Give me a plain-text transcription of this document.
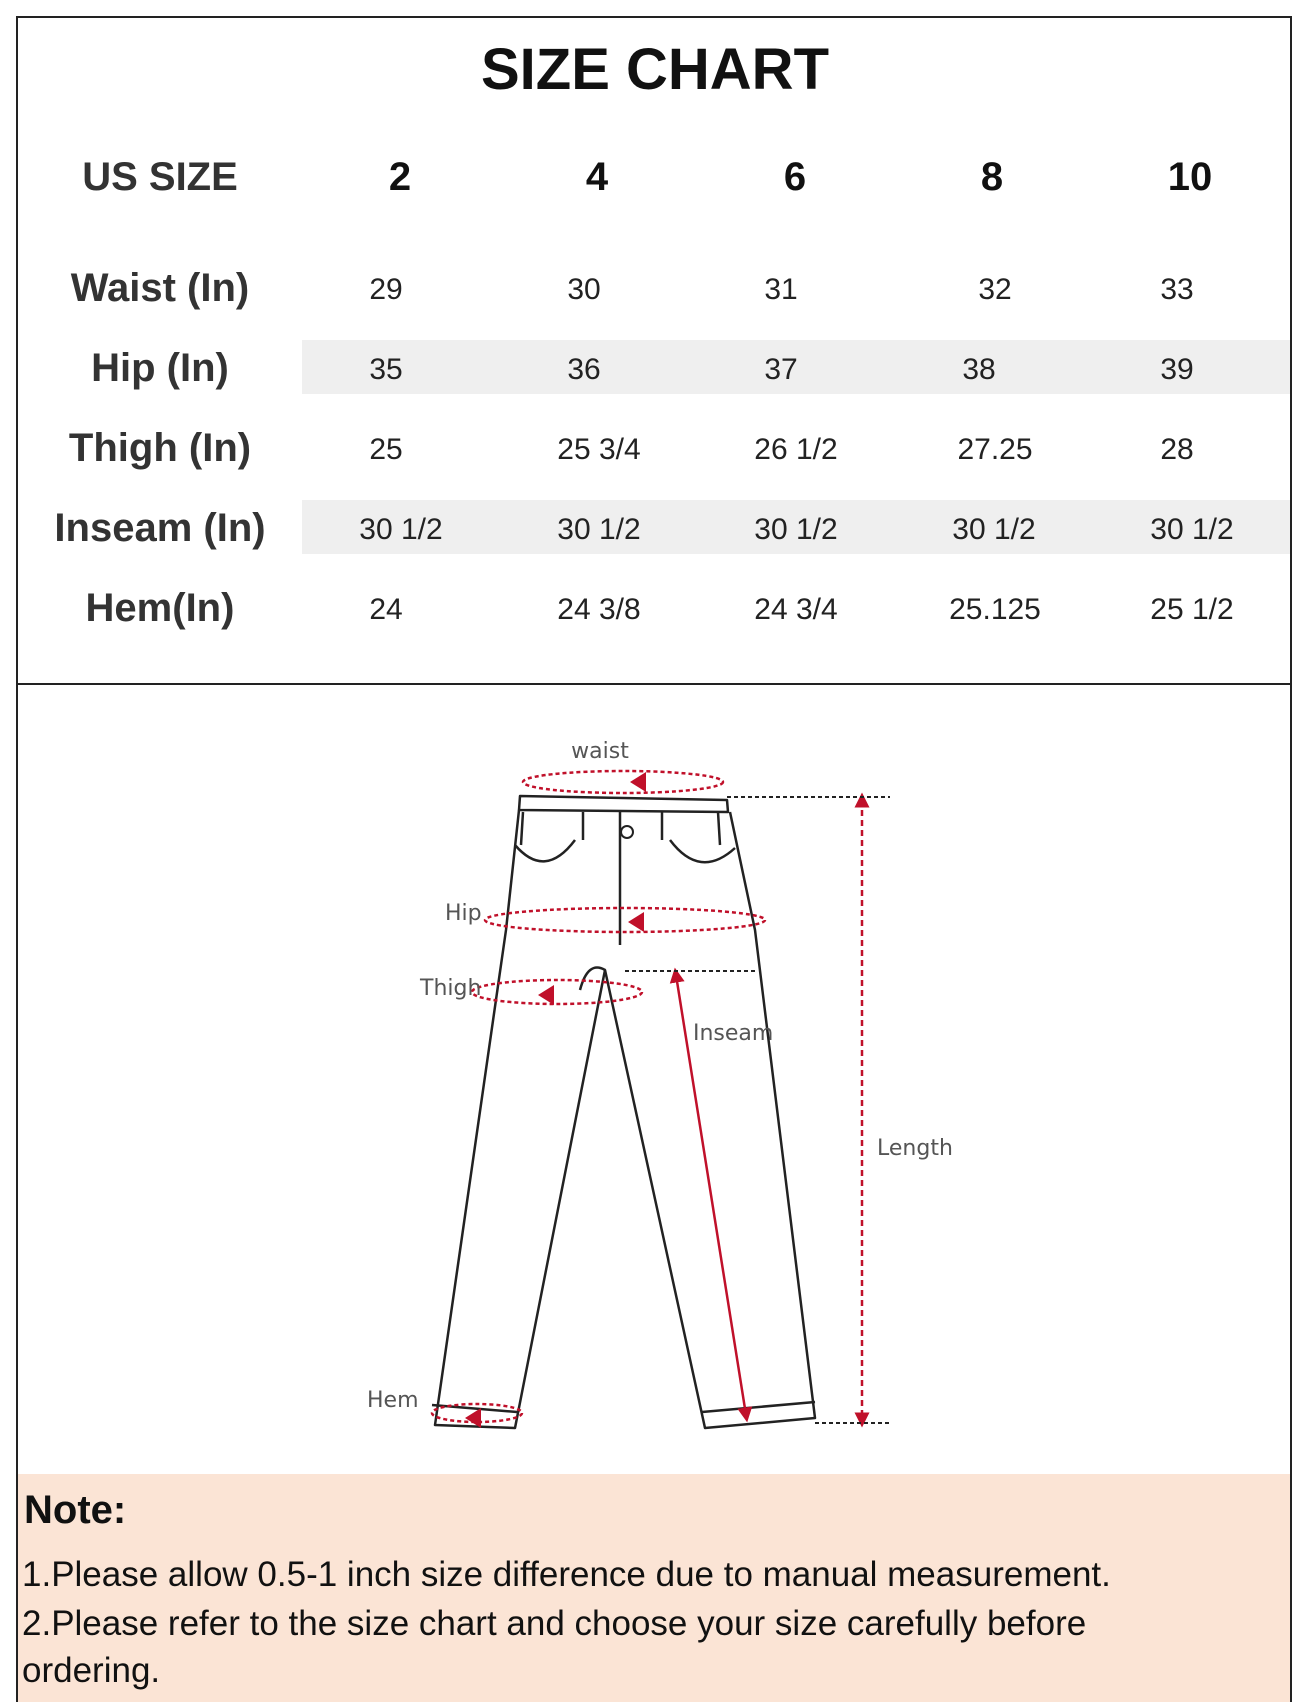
SIZE CHART
US SIZE	2	4	6	8	10
Waist (In)	29	30	31	32	33
Hip (In)	35	36	37	38	39
Thigh (In)	25	25 3/4	26 1/2	27.25	28
Inseam (In)	30 1/2	30 1/2	30 1/2	30 1/2	30 1/2
Hem(In)	24	24 3/8	24 3/4	25.125	25 1/2
waist
Hip
Thigh
Inseam
Length
Hem
Note:
1.Please allow 0.5-1 inch size difference due to manual measurement.
2.Please refer to the size chart and choose your size carefully before
ordering.
